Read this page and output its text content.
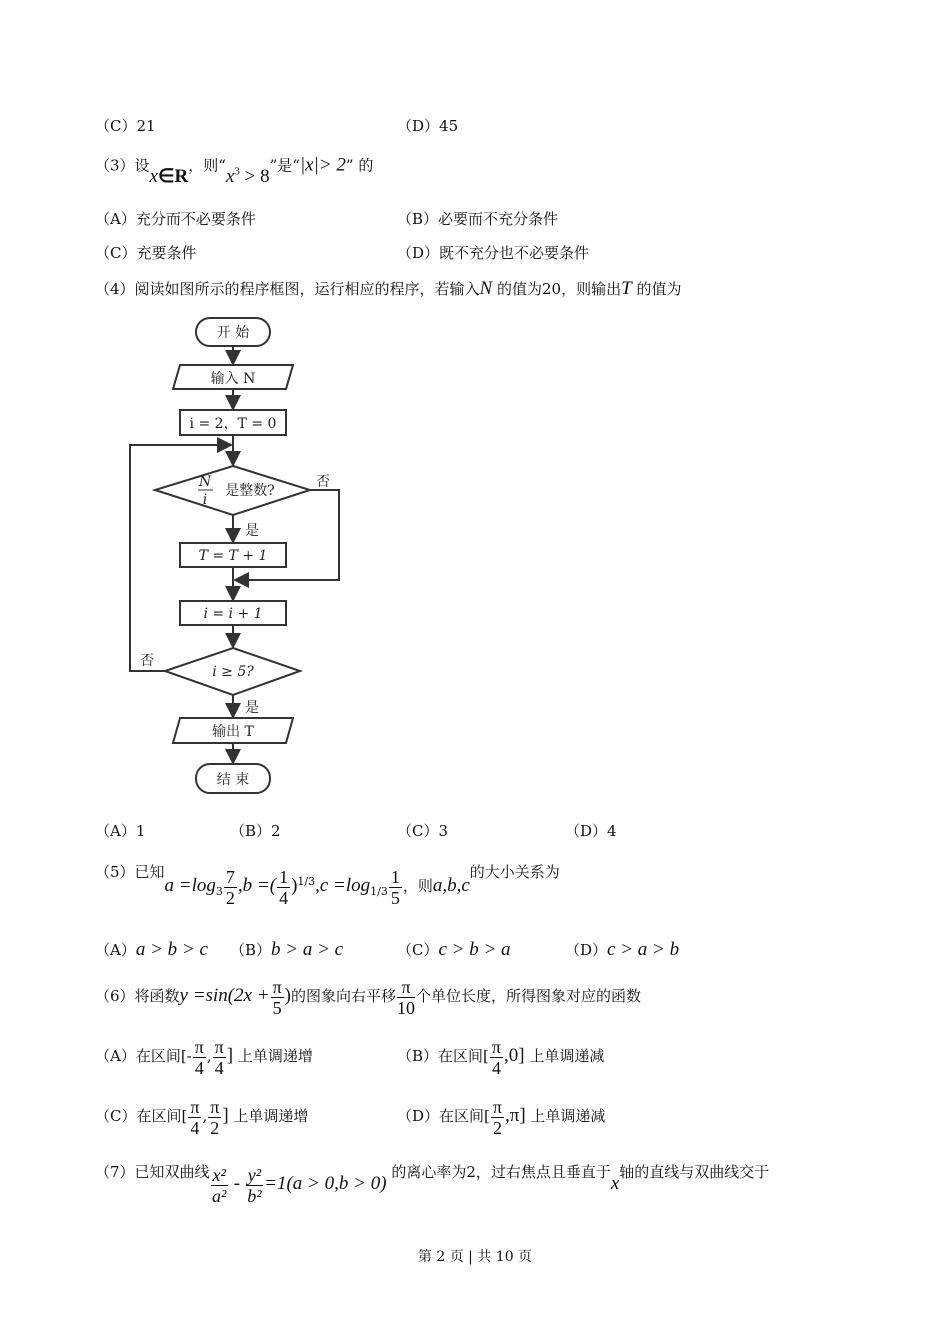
（C）21	（D）45
（3）设x∈R，则“$x^3 > 8$”是“|x|> 2” 的
（A）充分而不必要条件	（B）必要而不充分条件
（C）充要条件	（D）既不充分也不必要条件
（4）阅读如图所示的程序框图，运行相应的程序，若输入N 的值为20，则输出T 的值为
开 始
输入 N
i = 2，T = 0
N
i
是整数?
否
是
T = T + 1
i = i + 1
i ≥ 5?
否
是
输出 T
结 束
（A）1	（B）2	（C）3	（D）4
（5）已知$a =\log_3 \frac{7}{2} ,b$ =( $\frac{1}{4} )^{1/3},c =\log_{1/3} \frac{1}{5}$ ，则a,b,c的大小关系为
（A）a > b > c （B）b > a > c	（C）c > b > a	（D）c > a > b
（6）将函数$y =\sin(2x + \frac{\pi}{5}$ )的图象向右平移 $\frac{\pi}{10}$ 个单位长度，所得图象对应的函数
（A）在区间[- $\frac{\pi}{4}$ , $\frac{\pi}{4}$ ] 上单调递增	（B）在区间[ $\frac{\pi}{4} ,0$] 上单调递减
（C）在区间[ $\frac{\pi}{4}$ , $\frac{\pi}{2}$ ] 上单调递增	（D）在区间[ $\frac{\pi}{2} ,\pi$] 上单调递减
（7）已知双曲线 $\frac{\text{x²}}{\text{a²}} - \frac{\text{y²}}{\text{b²}} =1(a > 0,b > 0)$ 的离心率为2，过右焦点且垂直于x轴的直线与双曲线交于
第 2 页 | 共 10 页
